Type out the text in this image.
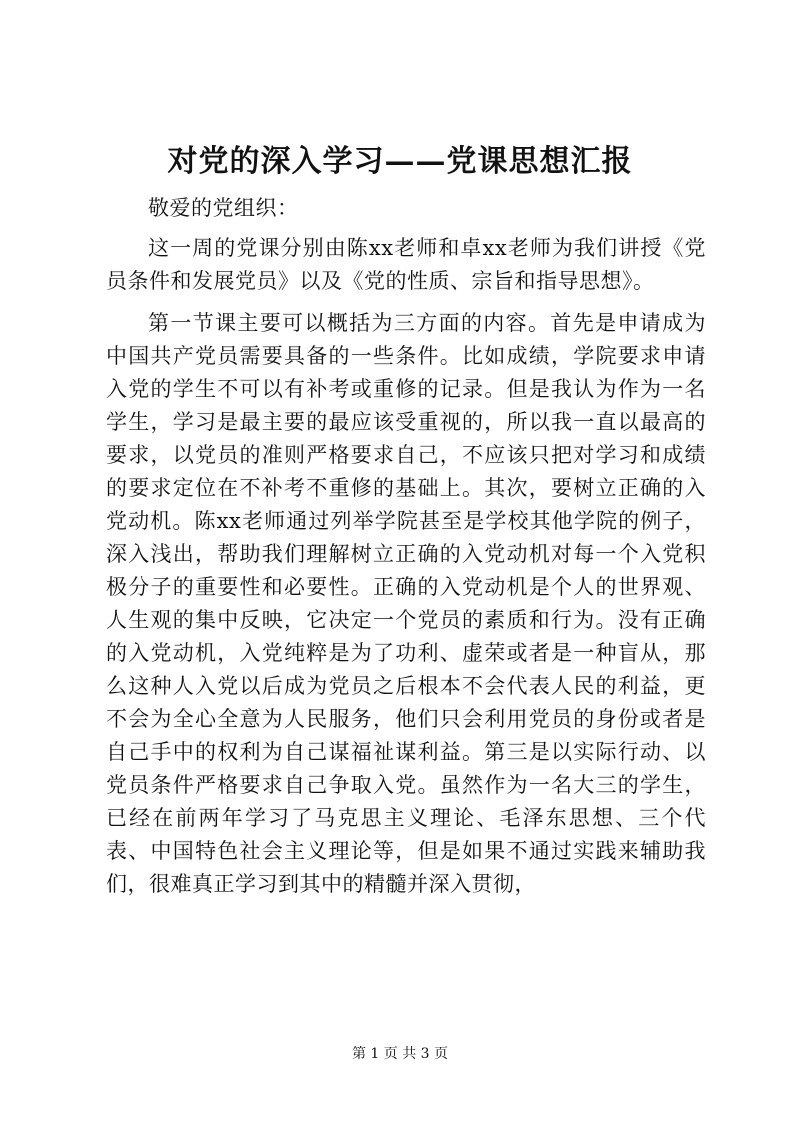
对党的深入学习——党课思想汇报

敬爱的党组织：

这一周的党课分别由陈xx老师和卓xx老师为我们讲授《党员条件和发展党员》以及《党的性质、宗旨和指导思想》。

第一节课主要可以概括为三方面的内容。首先是申请成为中国共产党员需要具备的一些条件。比如成绩，学院要求申请入党的学生不可以有补考或重修的记录。但是我认为作为一名学生，学习是最主要的最应该受重视的，所以我一直以最高的要求，以党员的准则严格要求自己，不应该只把对学习和成绩的要求定位在不补考不重修的基础上。其次，要树立正确的入党动机。陈xx老师通过列举学院甚至是学校其他学院的例子，深入浅出，帮助我们理解树立正确的入党动机对每一个入党积极分子的重要性和必要性。正确的入党动机是个人的世界观、人生观的集中反映，它决定一个党员的素质和行为。没有正确的入党动机，入党纯粹是为了功利、虚荣或者是一种盲从，那么这种人入党以后成为党员之后根本不会代表人民的利益，更不会为全心全意为人民服务，他们只会利用党员的身份或者是自己手中的权利为自己谋福祉谋利益。第三是以实际行动、以党员条件严格要求自己争取入党。虽然作为一名大三的学生，已经在前两年学习了马克思主义理论、毛泽东思想、三个代表、中国特色社会主义理论等，但是如果不通过实践来辅助我们，很难真正学习到其中的精髓并深入贯彻，

第 1 页 共 3 页
